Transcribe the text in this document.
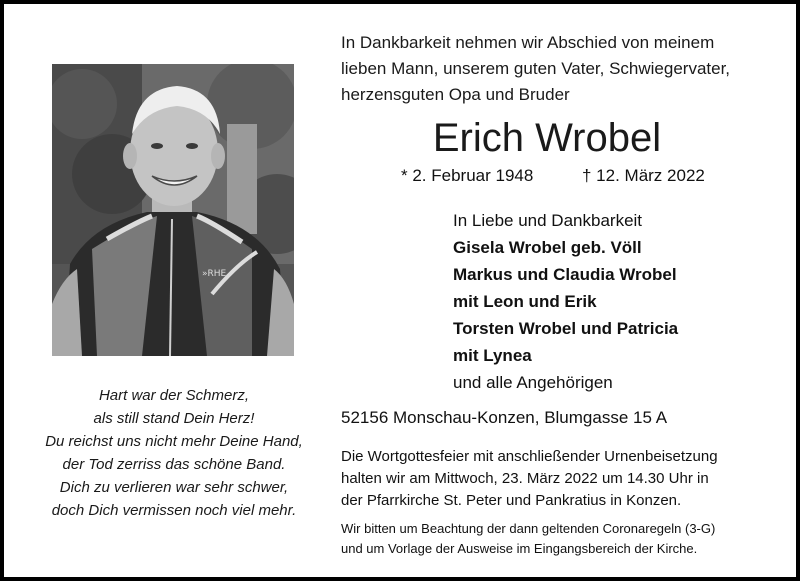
»RHE
Hart war der Schmerz,
als still stand Dein Herz!
Du reichst uns nicht mehr Deine Hand,
der Tod zerriss das schöne Band.
Dich zu verlieren war sehr schwer,
doch Dich vermissen noch viel mehr.
In Dankbarkeit nehmen wir Abschied von meinem
lieben Mann, unserem guten Vater, Schwiegervater,
herzensguten Opa und Bruder
Erich Wrobel
* 2. Februar 1948	† 12. März 2022
In Liebe und Dankbarkeit
Gisela Wrobel geb. Völl
Markus und Claudia Wrobel
mit Leon und Erik
Torsten Wrobel und Patricia
mit Lynea
und alle Angehörigen
52156 Monschau-Konzen, Blumgasse 15 A
Die Wortgottesfeier mit anschließender Urnenbeisetzung
halten wir am Mittwoch, 23. März 2022 um 14.30 Uhr in
der Pfarrkirche St. Peter und Pankratius in Konzen.
Wir bitten um Beachtung der dann geltenden Coronaregeln (3-G)
und um Vorlage der Ausweise im Eingangsbereich der Kirche.
